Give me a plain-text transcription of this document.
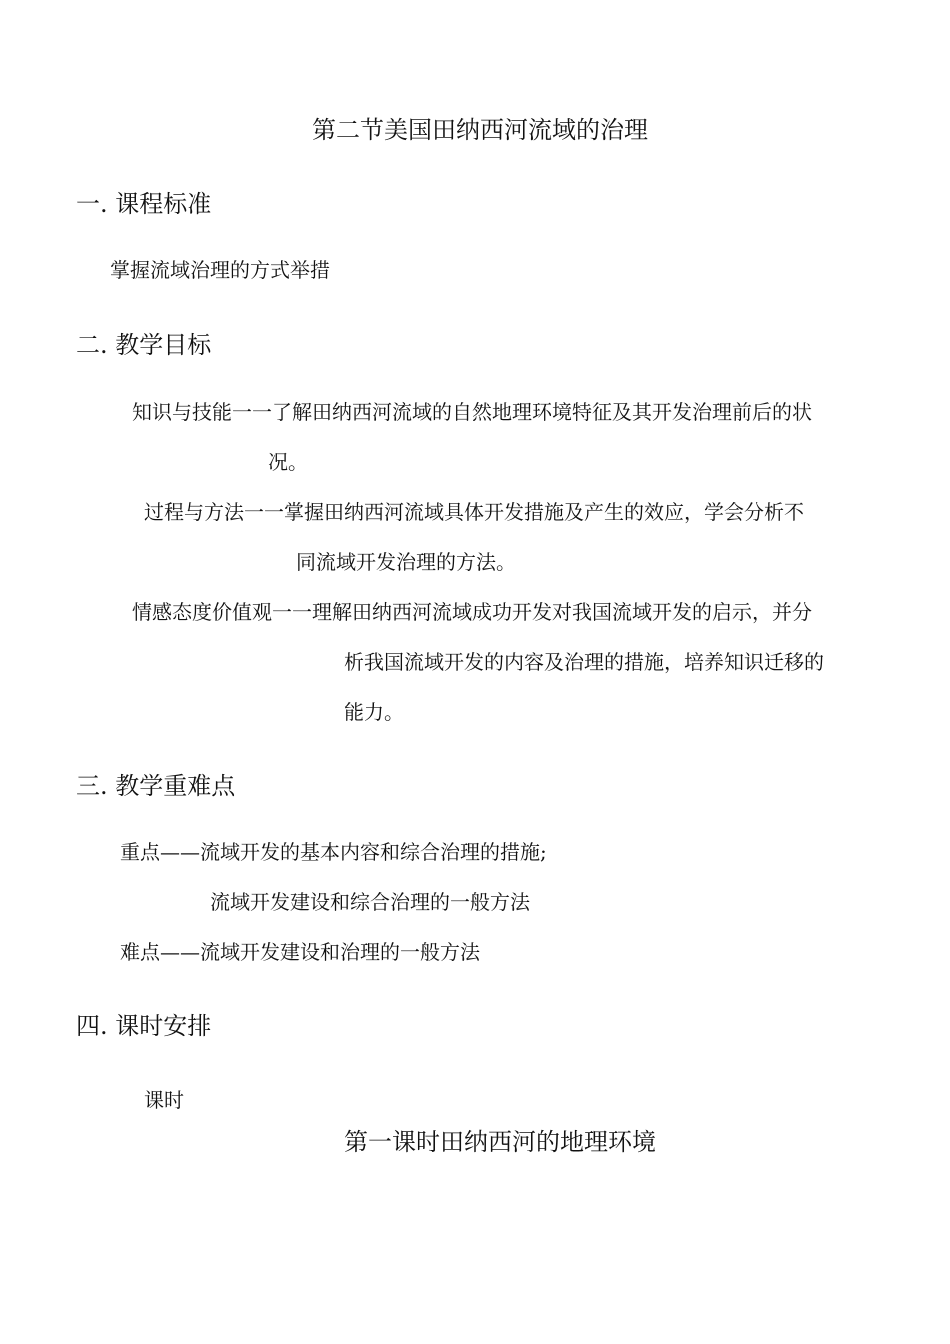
第二节美国田纳西河流域的治理
一. 课程标准
掌握流域治理的方式举措
二. 教学目标
知识与技能一一了解田纳西河流域的自然地理环境特征及其开发治理前后的状
况。
过程与方法一一掌握田纳西河流域具体开发措施及产生的效应，学会分析不
同流域开发治理的方法。
情感态度价值观一一理解田纳西河流域成功开发对我国流域开发的启示，并分
析我国流域开发的内容及治理的措施，培养知识迁移的
能力。
三. 教学重难点
重点——流域开发的基本内容和综合治理的措施;
流域开发建设和综合治理的一般方法
难点——流域开发建设和治理的一般方法
四. 课时安排
课时
第一课时田纳西河的地理环境
